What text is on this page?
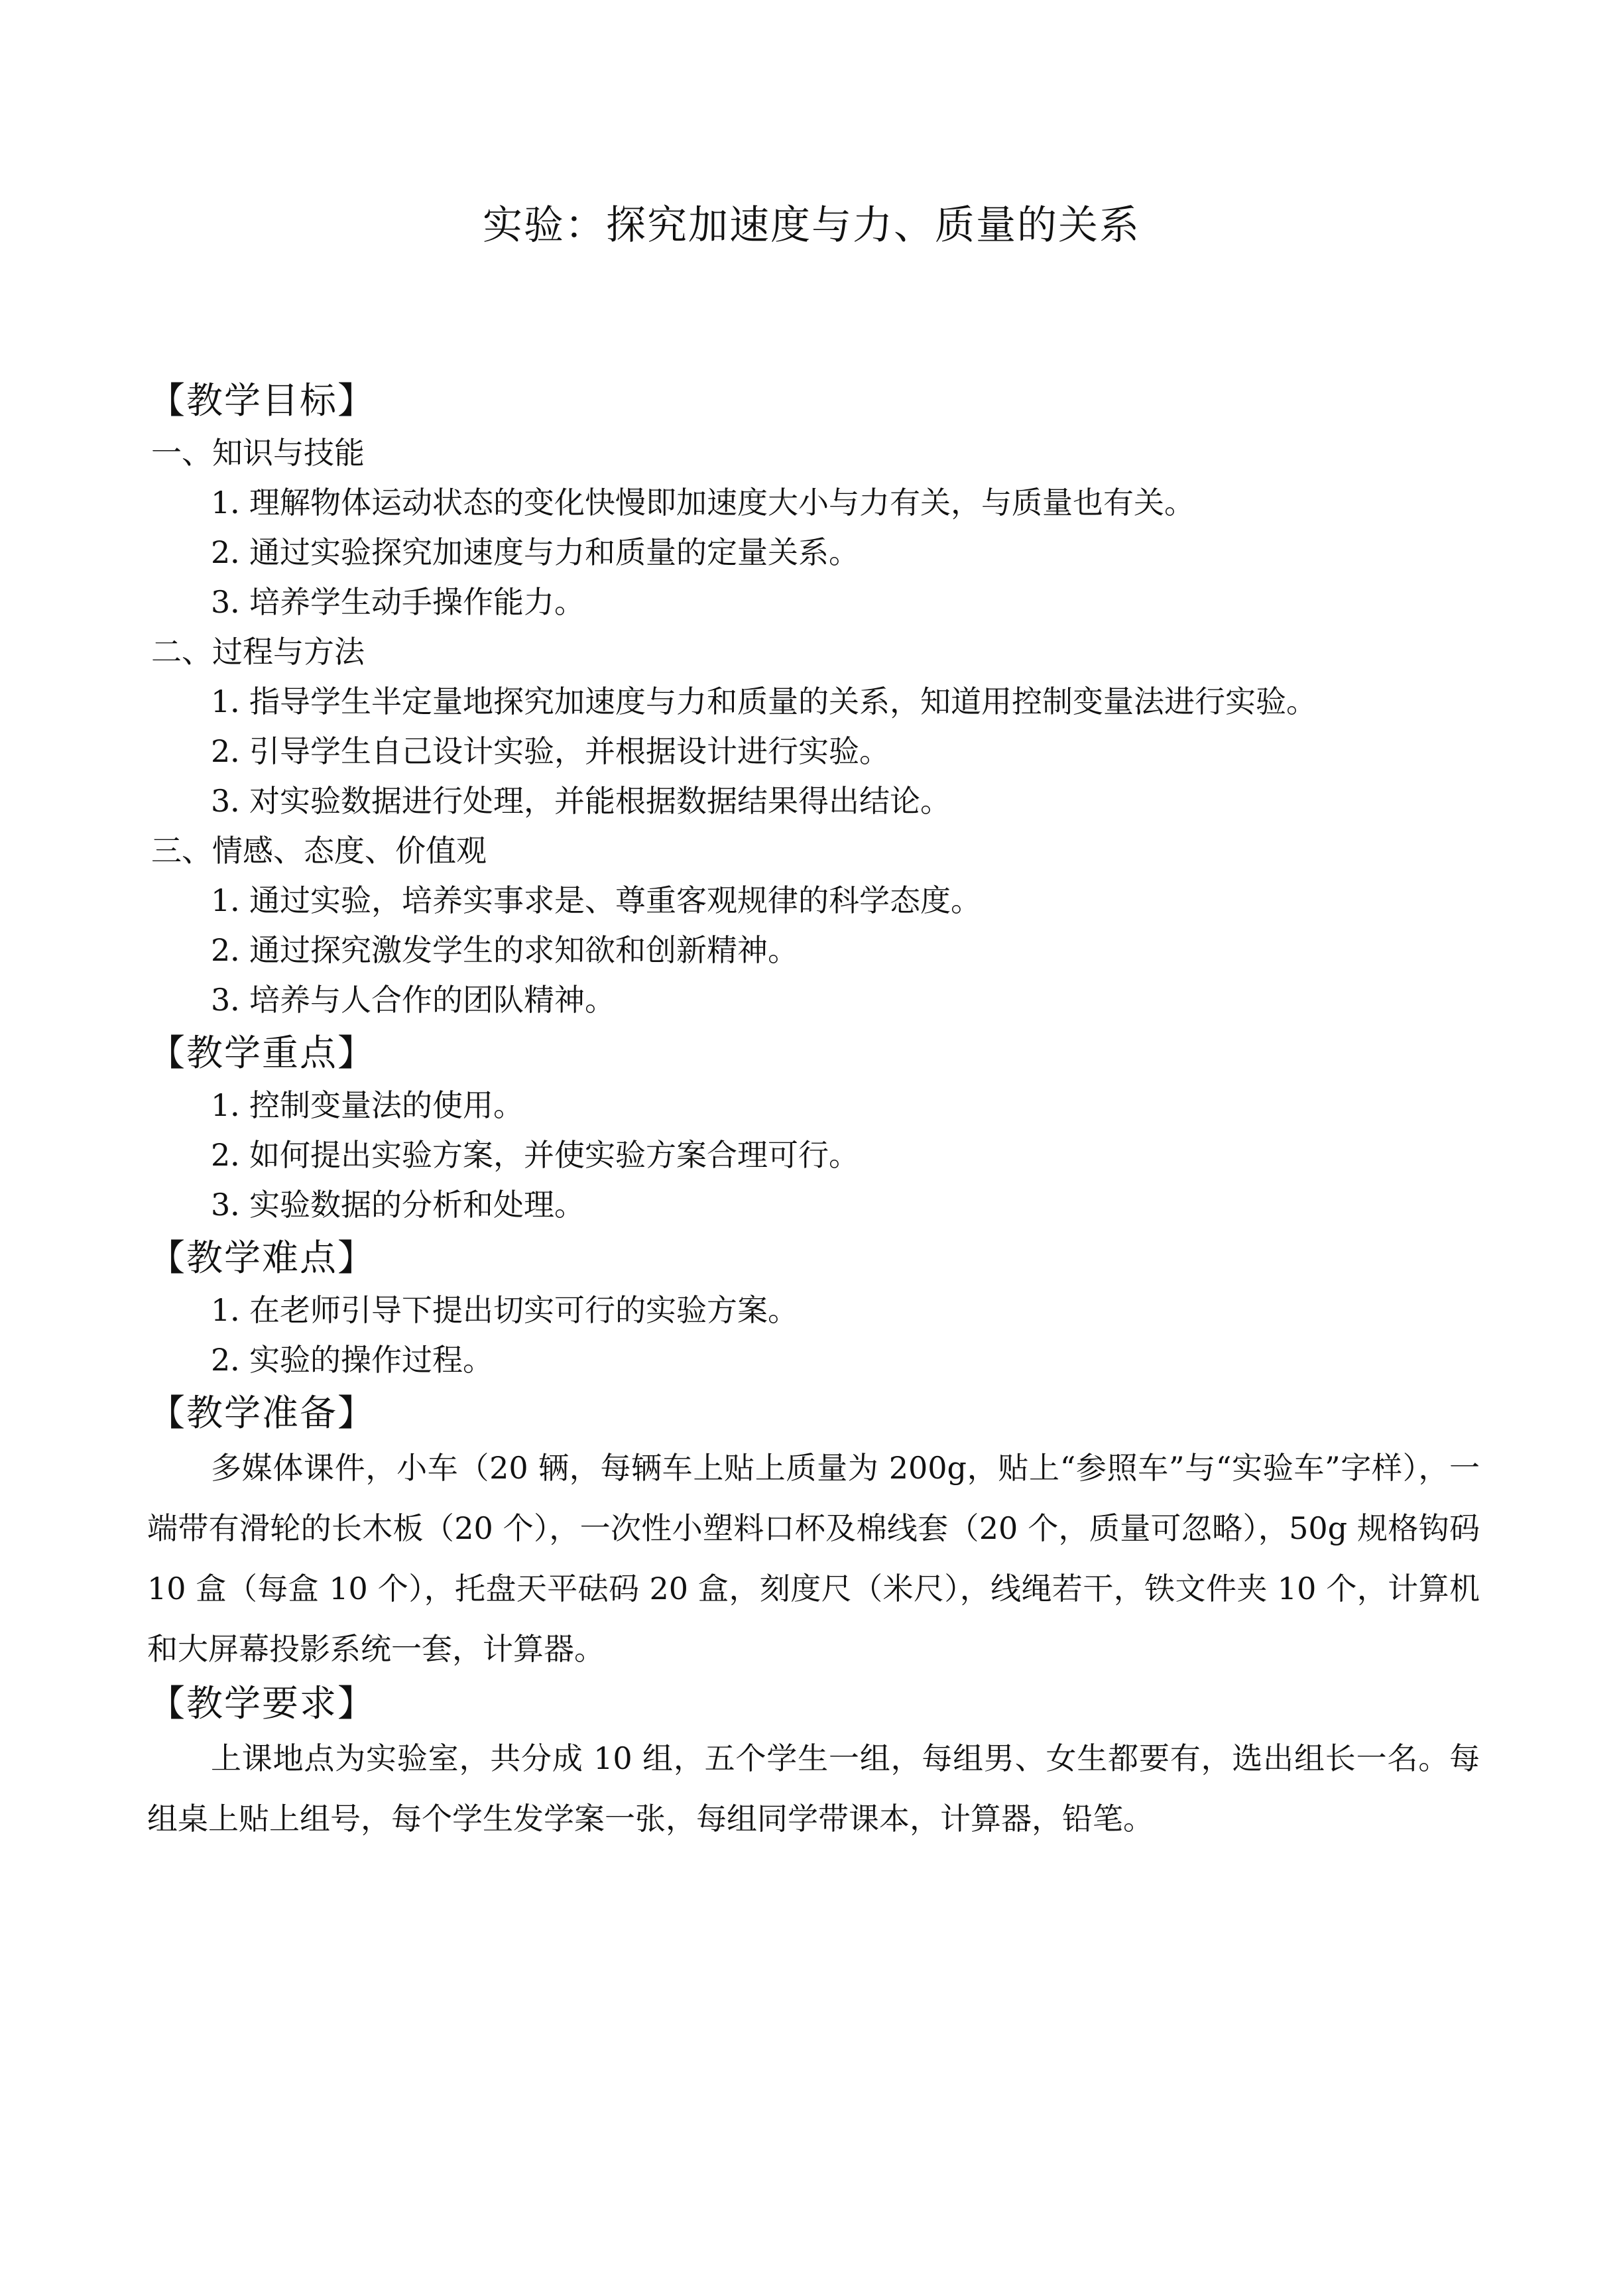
实验：探究加速度与力、质量的关系
【教学目标】
一、知识与技能
1．理解物体运动状态的变化快慢即加速度大小与力有关，与质量也有关。
2．通过实验探究加速度与力和质量的定量关系。
3．培养学生动手操作能力。
二、过程与方法
1．指导学生半定量地探究加速度与力和质量的关系，知道用控制变量法进行实验。
2．引导学生自己设计实验，并根据设计进行实验。
3．对实验数据进行处理，并能根据数据结果得出结论。
三、情感、态度、价值观
1．通过实验，培养实事求是、尊重客观规律的科学态度。
2．通过探究激发学生的求知欲和创新精神。
3．培养与人合作的团队精神。
【教学重点】
1．控制变量法的使用。
2．如何提出实验方案，并使实验方案合理可行。
3．实验数据的分析和处理。
【教学难点】
1．在老师引导下提出切实可行的实验方案。
2．实验的操作过程。
【教学准备】

多媒体课件，小车（20 辆，每辆车上贴上质量为 200g，贴上“参照车”与“实验车”字样），一端带有滑轮的长木板（20 个），一次性小塑料口杯及棉线套（20 个，质量可忽略），50g 规格钩码 10 盒（每盒 10 个），托盘天平砝码 20 盒，刻度尺（米尺），线绳若干，铁文件夹 10 个，计算机和大屏幕投影系统一套，计算器。

【教学要求】

上课地点为实验室，共分成 10 组，五个学生一组，每组男、女生都要有，选出组长一名。每组桌上贴上组号，每个学生发学案一张，每组同学带课本，计算器，铅笔。
